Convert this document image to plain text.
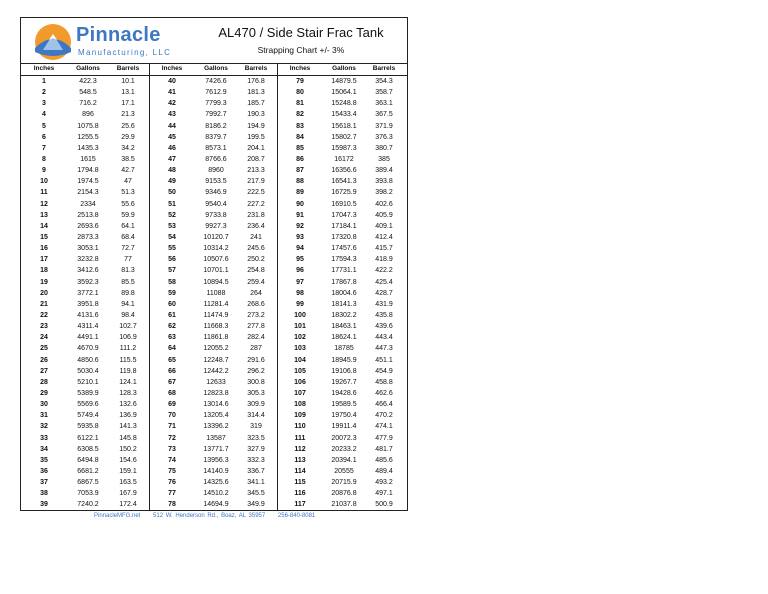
Pinnacle
Manufacturing, LLC
AL470 / Side Stair Frac Tank
Strapping Chart +/- 3%
Inches	Gallons	Barrels	Inches	Gallons	Barrels	Inches	Gallons	Barrels
1	422.3	10.1	40	7426.6	176.8	79	14879.5	354.3
2	548.5	13.1	41	7612.9	181.3	80	15064.1	358.7
3	716.2	17.1	42	7799.3	185.7	81	15248.8	363.1
4	896	21.3	43	7992.7	190.3	82	15433.4	367.5
5	1075.8	25.6	44	8186.2	194.9	83	15618.1	371.9
6	1255.5	29.9	45	8379.7	199.5	84	15802.7	376.3
7	1435.3	34.2	46	8573.1	204.1	85	15987.3	380.7
8	1615	38.5	47	8766.6	208.7	86	16172	385
9	1794.8	42.7	48	8960	213.3	87	16356.6	389.4
10	1974.5	47	49	9153.5	217.9	88	16541.3	393.8
11	2154.3	51.3	50	9346.9	222.5	89	16725.9	398.2
12	2334	55.6	51	9540.4	227.2	90	16910.5	402.6
13	2513.8	59.9	52	9733.8	231.8	91	17047.3	405.9
14	2693.6	64.1	53	9927.3	236.4	92	17184.1	409.1
15	2873.3	68.4	54	10120.7	241	93	17320.8	412.4
16	3053.1	72.7	55	10314.2	245.6	94	17457.6	415.7
17	3232.8	77	56	10507.6	250.2	95	17594.3	418.9
18	3412.6	81.3	57	10701.1	254.8	96	17731.1	422.2
19	3592.3	85.5	58	10894.5	259.4	97	17867.8	425.4
20	3772.1	89.8	59	11088	264	98	18004.6	428.7
21	3951.8	94.1	60	11281.4	268.6	99	18141.3	431.9
22	4131.6	98.4	61	11474.9	273.2	100	18302.2	435.8
23	4311.4	102.7	62	11668.3	277.8	101	18463.1	439.6
24	4491.1	106.9	63	11861.8	282.4	102	18624.1	443.4
25	4670.9	111.2	64	12055.2	287	103	18785	447.3
26	4850.6	115.5	65	12248.7	291.6	104	18945.9	451.1
27	5030.4	119.8	66	12442.2	296.2	105	19106.8	454.9
28	5210.1	124.1	67	12633	300.8	106	19267.7	458.8
29	5389.9	128.3	68	12823.8	305.3	107	19428.6	462.6
30	5569.6	132.6	69	13014.6	309.9	108	19589.5	466.4
31	5749.4	136.9	70	13205.4	314.4	109	19750.4	470.2
32	5935.8	141.3	71	13396.2	319	110	19911.4	474.1
33	6122.1	145.8	72	13587	323.5	111	20072.3	477.9
34	6308.5	150.2	73	13771.7	327.9	112	20233.2	481.7
35	6494.8	154.6	74	13956.3	332.3	113	20394.1	485.6
36	6681.2	159.1	75	14140.9	336.7	114	20555	489.4
37	6867.5	163.5	76	14325.6	341.1	115	20715.9	493.2
38	7053.9	167.9	77	14510.2	345.5	116	20876.8	497.1
39	7240.2	172.4	78	14694.9	349.9	117	21037.8	500.9
PinnacleMFG.net 512 W. Henderson Rd., Boaz, AL 35957 256-840-8081
